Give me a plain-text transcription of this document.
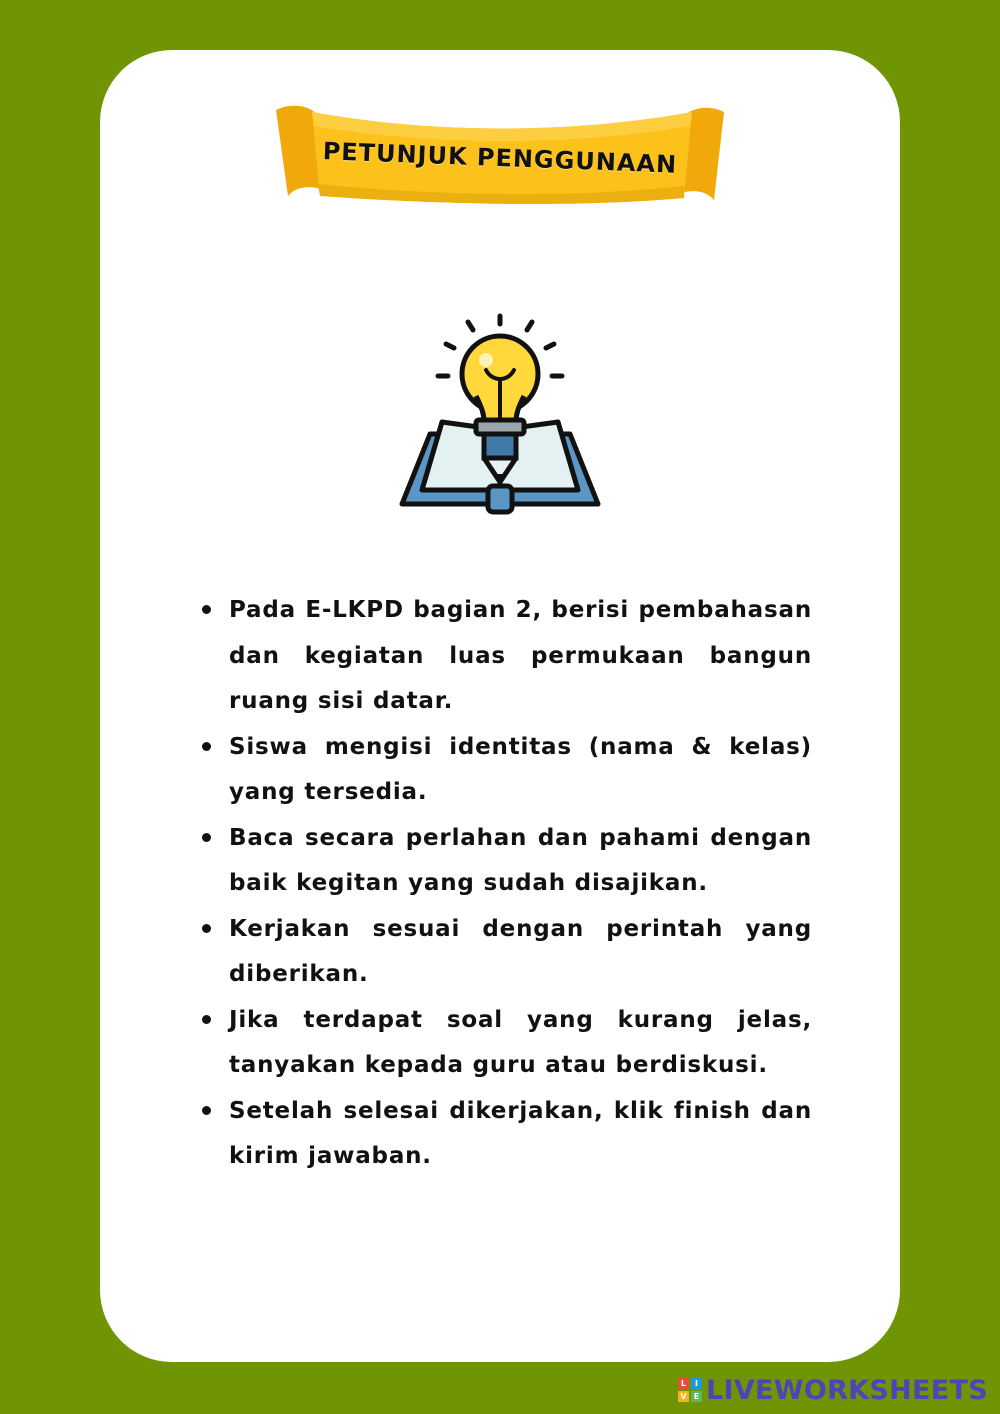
PETUNJUK PENGGUNAAN
Pada E-LKPD bagian 2, berisi pembahasan dan kegiatan luas permukaan bangun ruang sisi datar.
Siswa mengisi identitas (nama & kelas) yang tersedia.
Baca secara perlahan dan pahami dengan baik kegitan yang sudah disajikan.
Kerjakan sesuai dengan perintah yang diberikan.
Jika terdapat soal yang kurang jelas, tanyakan kepada guru atau berdiskusi.
Setelah selesai dikerjakan, klik finish dan kirim jawaban.
L	I
V E LIVEWORKSHEETS
